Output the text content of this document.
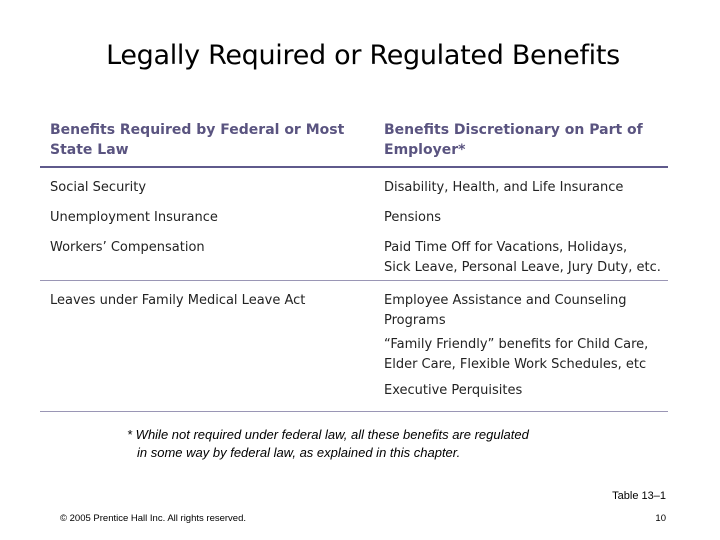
Legally Required or Regulated Benefits
Benefits Required by Federal or Most
State Law
Benefits Discretionary on Part of
Employer*
Social Security
Unemployment Insurance
Workers’ Compensation
Disability, Health, and Life Insurance
Pensions
Paid Time Off for Vacations, Holidays,
Sick Leave, Personal Leave, Jury Duty, etc.
Leaves under Family Medical Leave Act	Employee Assistance and Counseling
Programs
“Family Friendly” benefits for Child Care,
Elder Care, Flexible Work Schedules, etc
Executive Perquisites
* While not required under federal law, all these benefits are regulated
in some way by federal law, as explained in this chapter.
Table 13–1
© 2005 Prentice Hall Inc. All rights reserved.	10
